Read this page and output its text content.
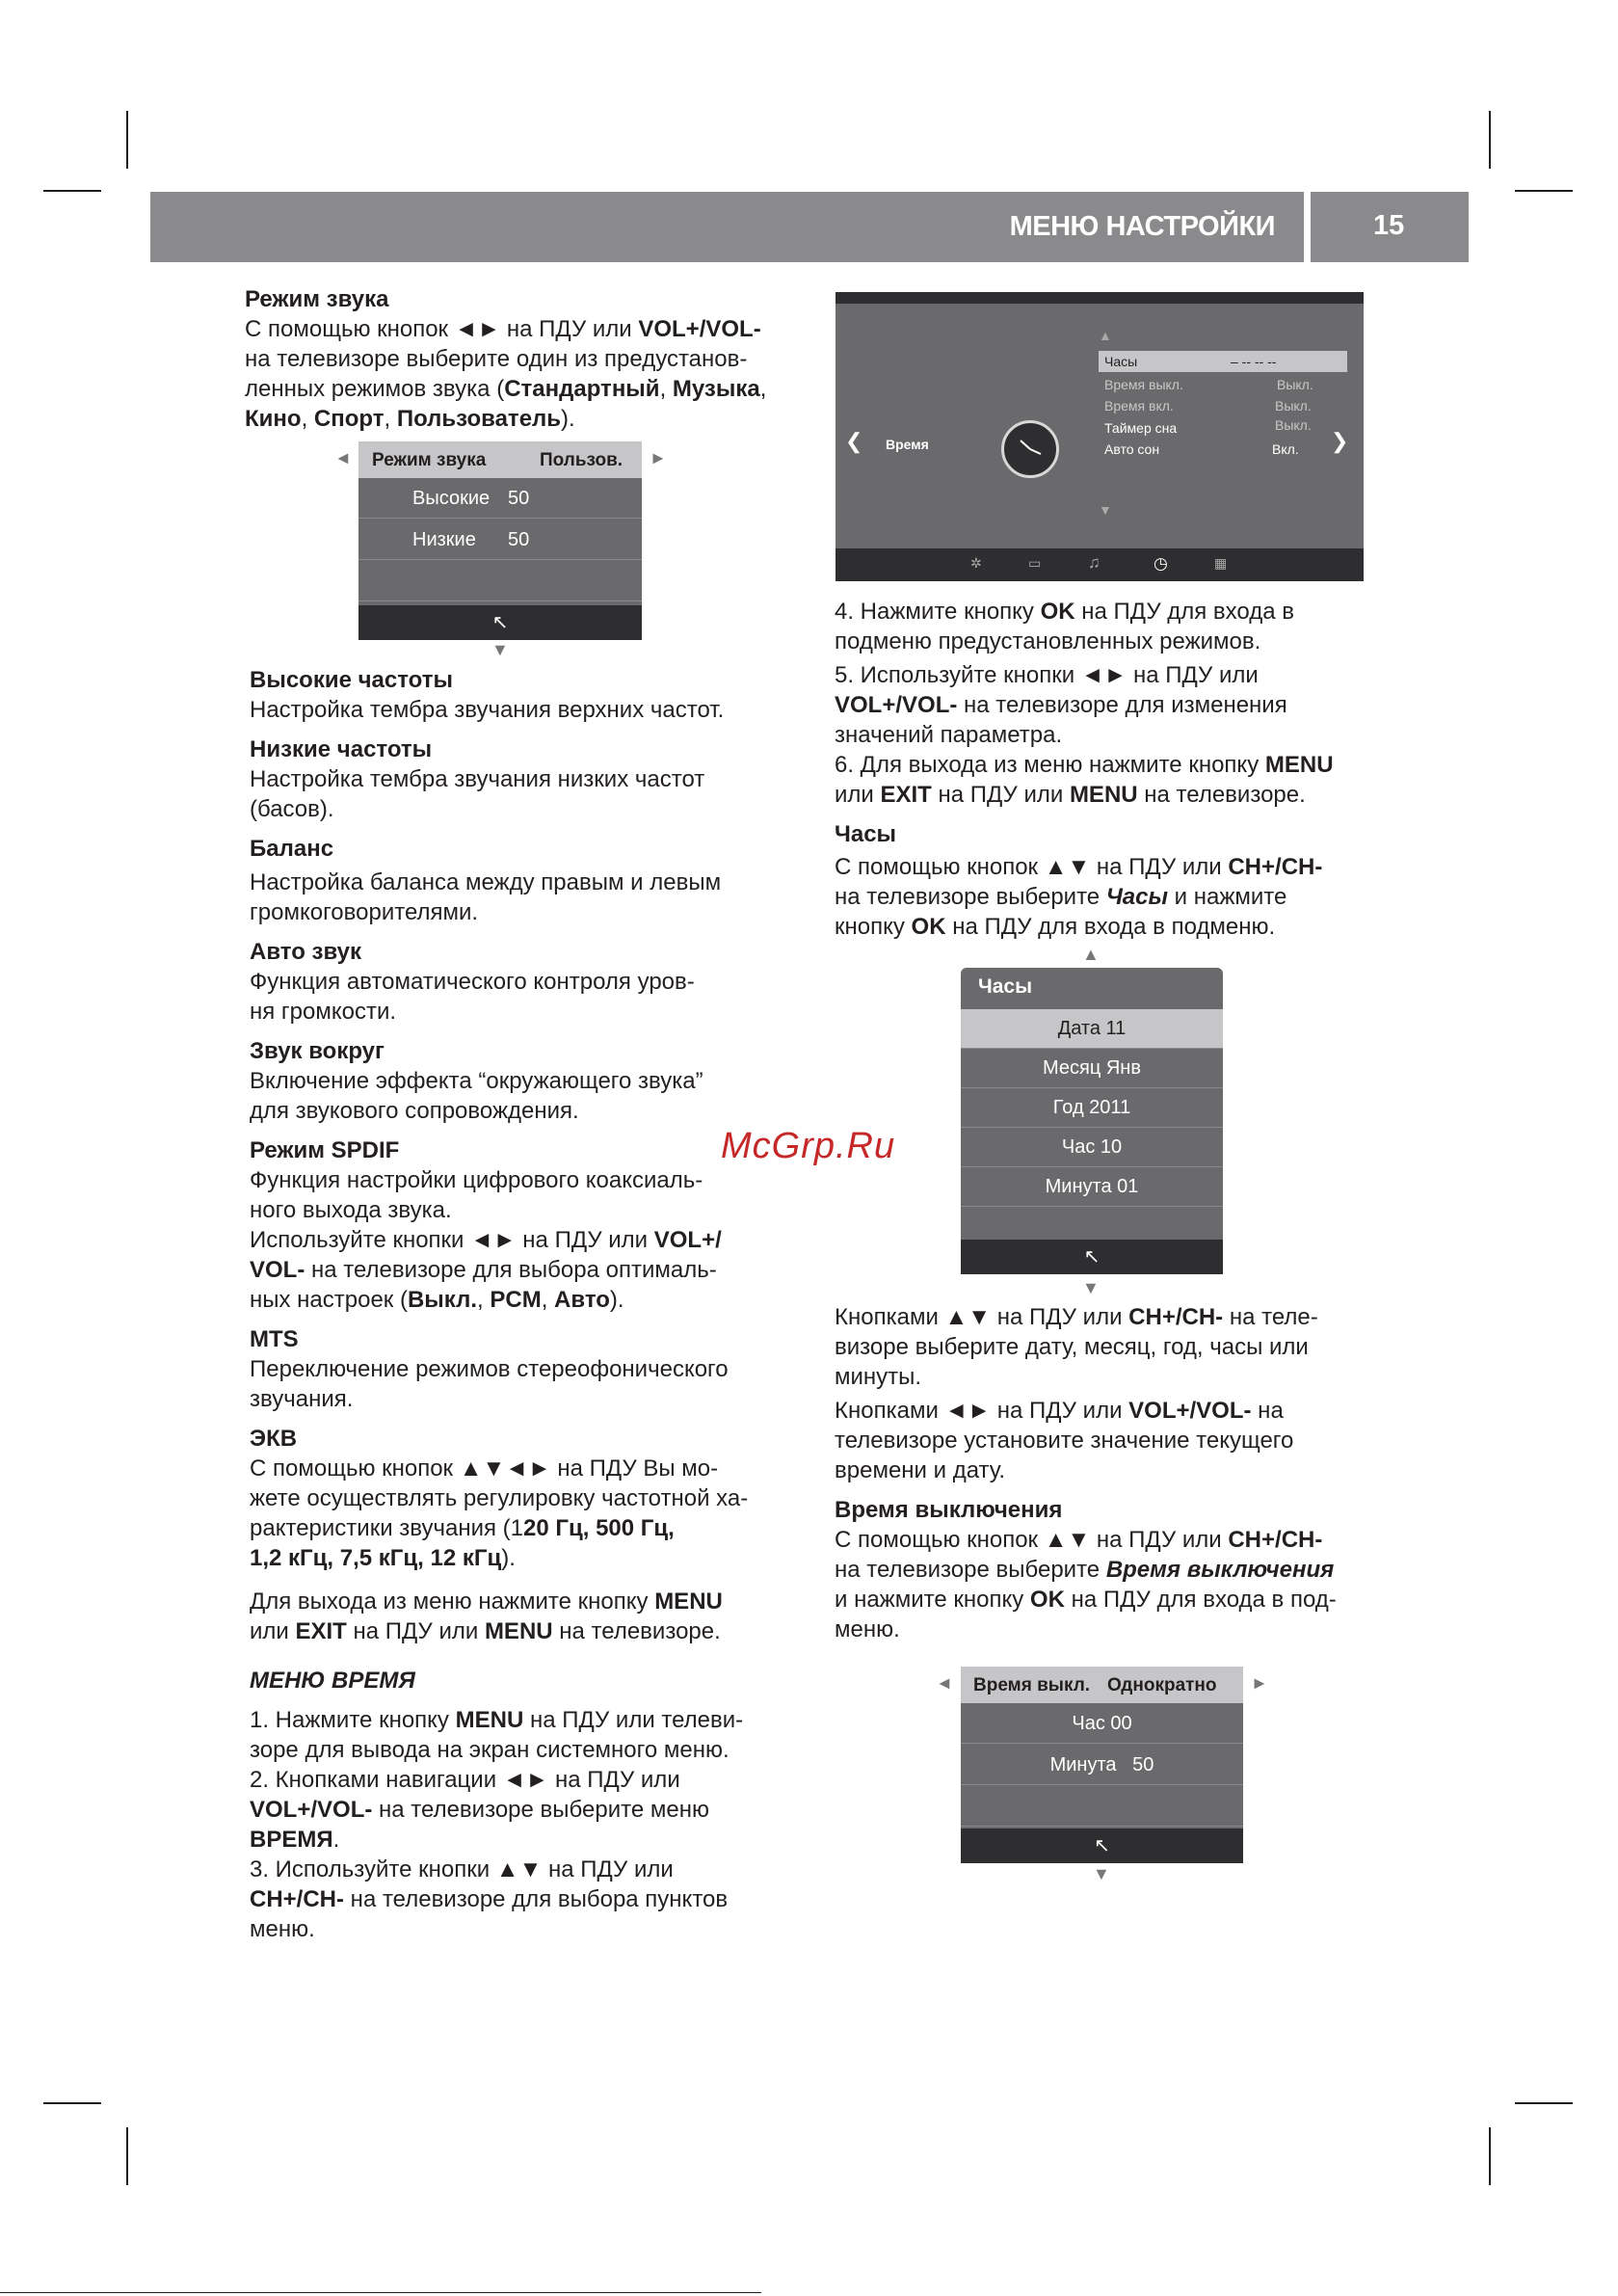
МЕНЮ НАСТРОЙКИ	15

Режим звука

С помощью кнопок ◄► на ПДУ или VOL+/VOL-

на телевизоре выберите один из предустанов-

ленных режимов звука (Стандартный, Музыка,

Кино, Спорт, Пользователь).

◄	►
Режим звука	Пользов.
Высокие 50
Низкие 50
↖
▼

Высокие частоты

Настройка тембра звучания верхних частот.

Низкие частоты

Настройка тембра звучания низких частот

(басов).

Баланс

Настройка баланса между правым и левым

громкоговорителями.

Авто звук

Функция автоматического контроля уров-

ня громкости.

Звук вокруг

Включение эффекта “окружающего звука”

для звукового сопровождения.

Режим SPDIF

Функция настройки цифрового коаксиаль-

ного выхода звука.

Используйте кнопки ◄► на ПДУ или VOL+/

VOL- на телевизоре для выбора оптималь-

ных настроек (Выкл., PCM, Авто).

MTS

Переключение режимов стереофонического

звучания.

ЭКВ

С помощью кнопок ▲▼◄► на ПДУ Вы мо-

жете осуществлять регулировку частотной ха-

рактеристики звучания (120 Гц, 500 Гц,

1,2 кГц, 7,5 кГц, 12 кГц).

Для выхода из меню нажмите кнопку MENU

или EXIT на ПДУ или MENU на телевизоре.

МЕНЮ ВРЕМЯ

1. Нажмите кнопку MENU на ПДУ или телеви-

зоре для вывода на экран системного меню.

2. Кнопками навигации ◄► на ПДУ или

VOL+/VOL- на телевизоре выберите меню

ВРЕМЯ.

3. Используйте кнопки ▲▼ на ПДУ или

CH+/CH- на телевизоре для выбора пунктов

меню.

❮ Время
▲
Часы	– -- -- --
Время выкл.	Выкл.
Время вкл.	Выкл.
Таймер сна	Выкл.
Авто сон	Вкл. ❯
▼
✲	▭	♫	◷	▦

4. Нажмите кнопку OK на ПДУ для входа в

подменю предустановленных режимов.

5. Используйте кнопки ◄► на ПДУ или

VOL+/VOL- на телевизоре для изменения

значений параметра.

6. Для выхода из меню нажмите кнопку MENU

или EXIT на ПДУ или MENU на телевизоре.

Часы

С помощью кнопок ▲▼ на ПДУ или CH+/CH-

на телевизоре выберите Часы и нажмите

кнопку OK на ПДУ для входа в подменю.

▲
Часы
Дата 11
Месяц Янв
Год 2011
Час 10
Минута 01
↖
▼

Кнопками ▲▼ на ПДУ или CH+/CH- на теле-

визоре выберите дату, месяц, год, часы или

минуты.

Кнопками ◄► на ПДУ или VOL+/VOL- на

телевизоре установите значение текущего

времени и дату.

Время выключения

С помощью кнопок ▲▼ на ПДУ или CH+/CH-

на телевизоре выберите Время выключения

и нажмите кнопку OK на ПДУ для входа в под-

меню.

◄	►
Время выкл. Однократно
Час 00
Минута   50
↖
▼
McGrp.Ru
